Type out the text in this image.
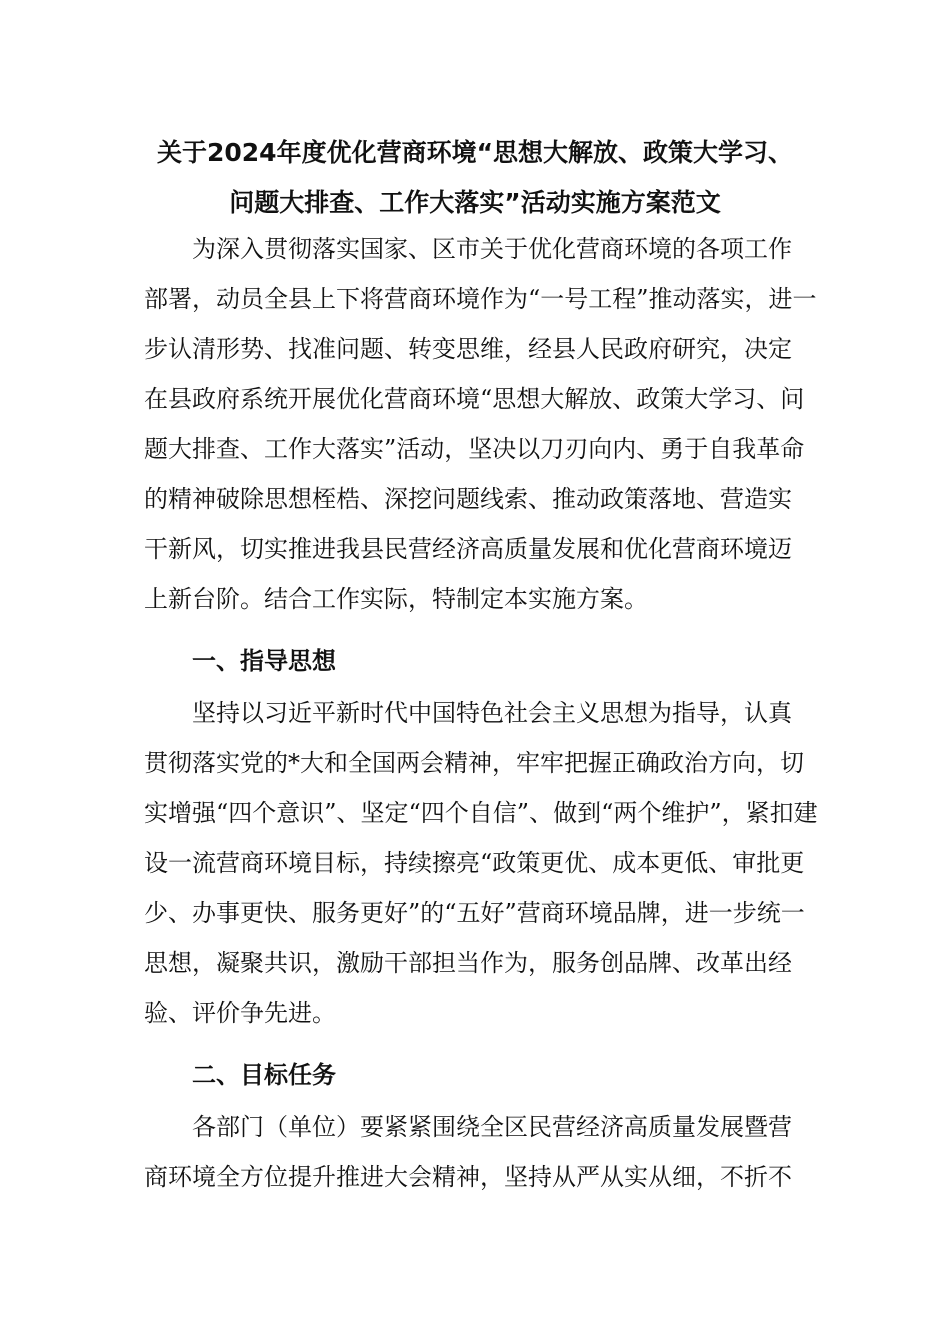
关于2024年度优化营商环境“思想大解放、政策大学习、
问题大排查、工作大落实”活动实施方案范文
为深入贯彻落实国家、区市关于优化营商环境的各项工作
部署，动员全县上下将营商环境作为“一号工程”推动落实，进一
步认清形势、找准问题、转变思维，经县人民政府研究，决定
在县政府系统开展优化营商环境“思想大解放、政策大学习、问
题大排查、工作大落实”活动，坚决以刀刃向内、勇于自我革命
的精神破除思想桎梏、深挖问题线索、推动政策落地、营造实
干新风，切实推进我县民营经济高质量发展和优化营商环境迈
上新台阶。结合工作实际，特制定本实施方案。
一、指导思想
坚持以习近平新时代中国特色社会主义思想为指导，认真
贯彻落实党的*大和全国两会精神，牢牢把握正确政治方向，切
实增强“四个意识”、坚定“四个自信”、做到“两个维护”，紧扣建
设一流营商环境目标，持续擦亮“政策更优、成本更低、审批更
少、办事更快、服务更好”的“五好”营商环境品牌，进一步统一
思想，凝聚共识，激励干部担当作为，服务创品牌、改革出经
验、评价争先进。
二、目标任务
各部门（单位）要紧紧围绕全区民营经济高质量发展暨营
商环境全方位提升推进大会精神，坚持从严从实从细，不折不
